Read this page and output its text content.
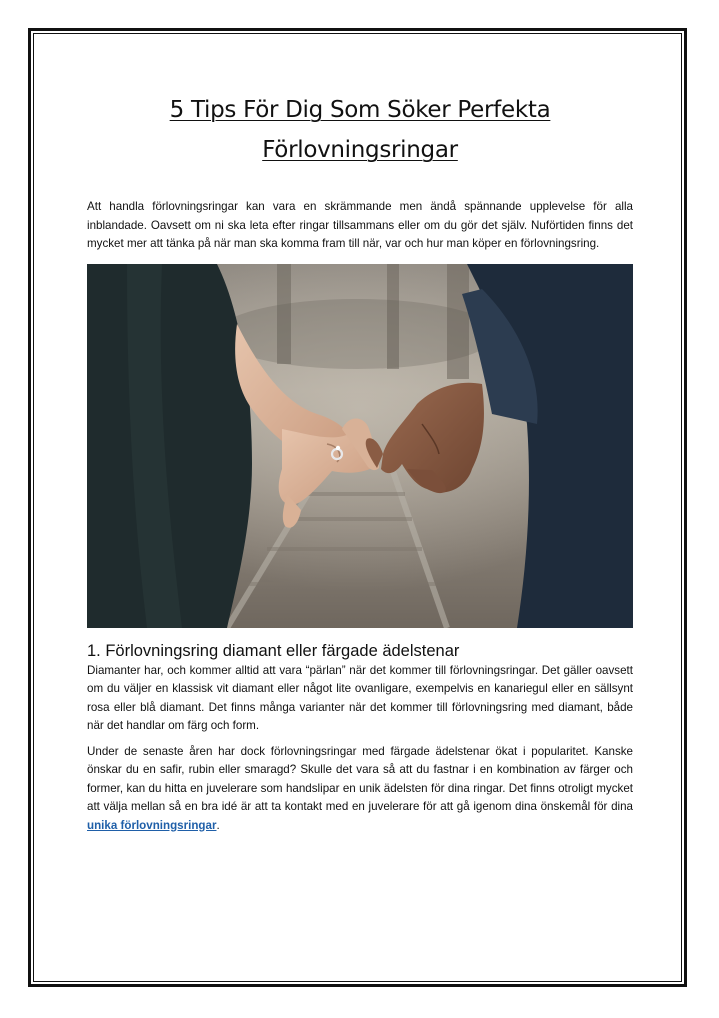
5 Tips För Dig Som Söker Perfekta
Förlovningsringar

Att handla förlovningsringar kan vara en skrämmande men ändå spännande upplevelse för alla inblandade. Oavsett om ni ska leta efter ringar tillsammans eller om du gör det själv. Nuförtiden finns det mycket mer att tänka på när man ska komma fram till när, var och hur man köper en förlovningsring.

1. Förlovningsring diamant eller färgade ädelstenar

Diamanter har, och kommer alltid att vara “pärlan” när det kommer till förlovningsringar. Det gäller oavsett om du väljer en klassisk vit diamant eller något lite ovanligare, exempelvis en kanariegul eller en sällsynt rosa eller blå diamant. Det finns många varianter när det kommer till förlovningsring med diamant, både när det handlar om färg och form.

Under de senaste åren har dock förlovningsringar med färgade ädelstenar ökat i popularitet. Kanske önskar du en safir, rubin eller smaragd? Skulle det vara så att du fastnar i en kombination av färger och former, kan du hitta en juvelerare som handslipar en unik ädelsten för dina ringar. Det finns otroligt mycket att välja mellan så en bra idé är att ta kontakt med en juvelerare för att gå igenom dina önskemål för dina unika förlovningsringar.
